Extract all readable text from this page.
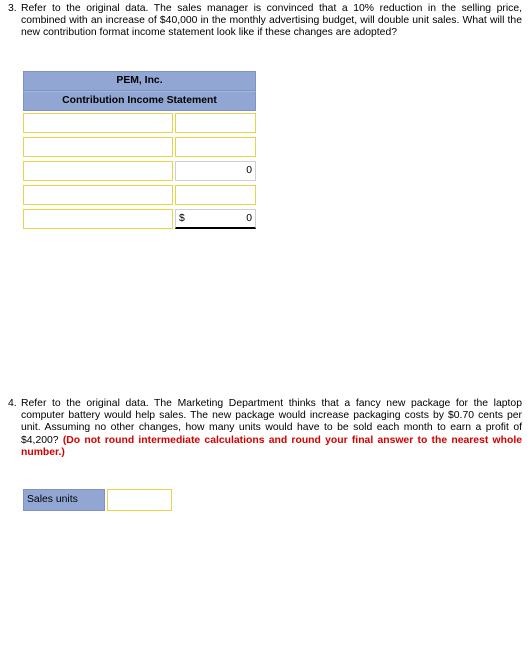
3. Refer to the original data. The sales manager is convinced that a 10% reduction in the selling price, combined with an increase of $40,000 in the monthly advertising budget, will double unit sales. What will the new contribution format income statement look like if these changes are adopted?
PEM, Inc.
Contribution Income Statement
0
$	0
4. Refer to the original data. The Marketing Department thinks that a fancy new package for the laptop computer battery would help sales. The new package would increase packaging costs by $0.70 cents per unit. Assuming no other changes, how many units would have to be sold each month to earn a profit of $4,200? (Do not round intermediate calculations and round your final answer to the nearest whole number.)
Sales units
